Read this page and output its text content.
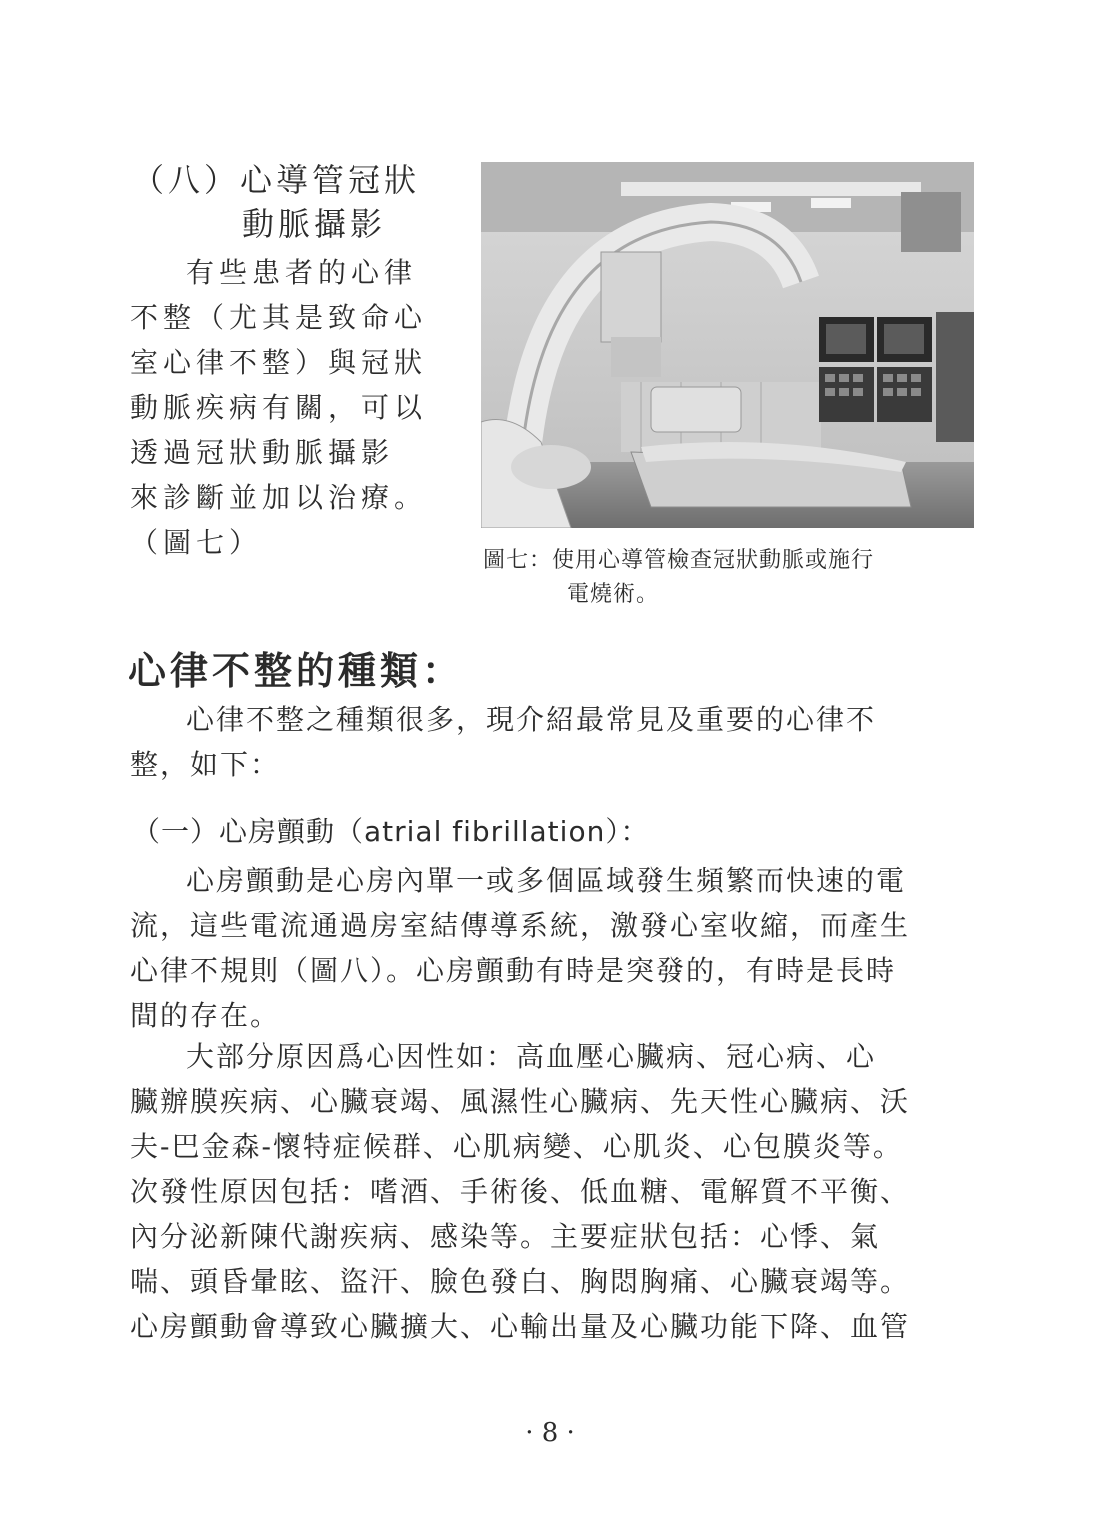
（八）心導管冠狀
動脈攝影
有些患者的心律
不整（尤其是致命心
室心律不整）與冠狀
動脈疾病有關，可以
透過冠狀動脈攝影
來診斷並加以治療。
（圖七）
圖七：使用心導管檢查冠狀動脈或施行
電燒術。
心律不整的種類：
心律不整之種類很多，現介紹最常見及重要的心律不
整，如下：
（一）心房顫動（atrial fibrillation）：
心房顫動是心房內單一或多個區域發生頻繁而快速的電
流，這些電流通過房室結傳導系統，激發心室收縮，而產生
心律不規則（圖八）。心房顫動有時是突發的，有時是長時
間的存在。
大部分原因爲心因性如：高血壓心臟病、冠心病、心
臟辦膜疾病、心臟衰竭、風濕性心臟病、先天性心臟病、沃
夫-巴金森-懷特症候群、心肌病變、心肌炎、心包膜炎等。
次發性原因包括：嗜酒、手術後、低血糖、電解質不平衡、
內分泌新陳代謝疾病、感染等。主要症狀包括：心悸、氣
喘、頭昏暈眩、盜汗、臉色發白、胸悶胸痛、心臟衰竭等。
心房顫動會導致心臟擴大、心輸出量及心臟功能下降、血管
· 8 ·
